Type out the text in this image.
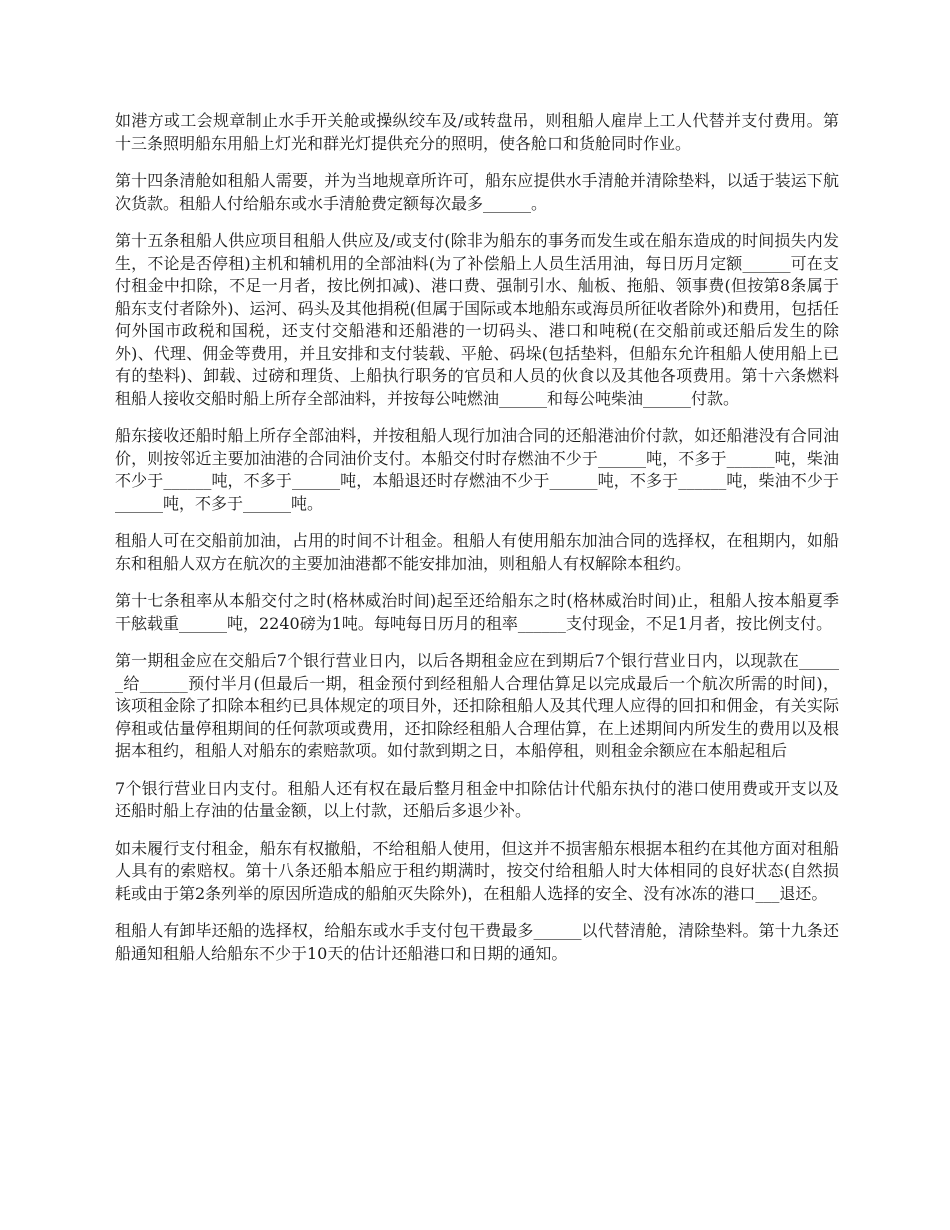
如港方或工会规章制止水手开关舱或操纵绞车及/或转盘吊，则租船人雇岸上工人代替并支付费用。第十三条照明船东用船上灯光和群光灯提供充分的照明，使各舱口和货舱同时作业。

第十四条清舱如租船人需要，并为当地规章所许可，船东应提供水手清舱并清除垫料，以适于装运下航次货款。租船人付给船东或水手清舱费定额每次最多______。

第十五条租船人供应项目租船人供应及/或支付(除非为船东的事务而发生或在船东造成的时间损失内发生，不论是否停租)主机和辅机用的全部油料(为了补偿船上人员生活用油，每日历月定额______可在支付租金中扣除，不足一月者，按比例扣减)、港口费、强制引水、舢板、拖船、领事费(但按第8条属于船东支付者除外)、运河、码头及其他捐税(但属于国际或本地船东或海员所征收者除外)和费用，包括任何外国市政税和国税，还支付交船港和还船港的一切码头、港口和吨税(在交船前或还船后发生的除外)、代理、佣金等费用，并且安排和支付装载、平舱、码垛(包括垫料，但船东允许租船人使用船上已有的垫料)、卸载、过磅和理货、上船执行职务的官员和人员的伙食以及其他各项费用。第十六条燃料租船人接收交船时船上所存全部油料，并按每公吨燃油______和每公吨柴油______付款。

船东接收还船时船上所存全部油料，并按租船人现行加油合同的还船港油价付款，如还船港没有合同油价，则按邻近主要加油港的合同油价支付。本船交付时存燃油不少于______吨，不多于______吨，柴油不少于______吨，不多于______吨，本船退还时存燃油不少于______吨，不多于______吨，柴油不少于______吨，不多于______吨。

租船人可在交船前加油，占用的时间不计租金。租船人有使用船东加油合同的选择权，在租期内，如船东和租船人双方在航次的主要加油港都不能安排加油，则租船人有权解除本租约。

第十七条租率从本船交付之时(格林威治时间)起至还给船东之时(格林威治时间)止，租船人按本船夏季干舷载重______吨，2240磅为1吨。每吨每日历月的租率______支付现金，不足1月者，按比例支付。

第一期租金应在交船后7个银行营业日内，以后各期租金应在到期后7个银行营业日内，以现款在______给______预付半月(但最后一期，租金预付到经租船人合理估算足以完成最后一个航次所需的时间)，该项租金除了扣除本租约已具体规定的项目外，还扣除租船人及其代理人应得的回扣和佣金，有关实际停租或估量停租期间的任何款项或费用，还扣除经租船人合理估算，在上述期间内所发生的费用以及根据本租约，租船人对船东的索赔款项。如付款到期之日，本船停租，则租金余额应在本船起租后

7个银行营业日内支付。租船人还有权在最后整月租金中扣除估计代船东执付的港口使用费或开支以及还船时船上存油的估量金额，以上付款，还船后多退少补。

如未履行支付租金，船东有权撤船，不给租船人使用，但这并不损害船东根据本租约在其他方面对租船人具有的索赔权。第十八条还船本船应于租约期满时，按交付给租船人时大体相同的良好状态(自然损耗或由于第2条列举的原因所造成的船舶灭失除外)，在租船人选择的安全、没有冰冻的港口___退还。

租船人有卸毕还船的选择权，给船东或水手支付包干费最多______以代替清舱，清除垫料。第十九条还船通知租船人给船东不少于10天的估计还船港口和日期的通知。
